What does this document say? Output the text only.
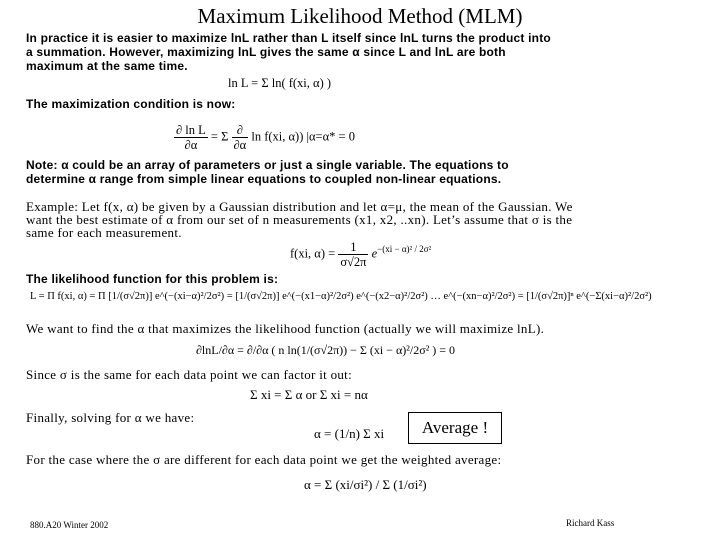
Maximum Likelihood Method (MLM)
In practice it is easier to maximize lnL rather than L itself since lnL turns the product into
a summation. However, maximizing lnL gives the same α since L and lnL are both
maximum at the same time.
ln L = Σ ln( f(xi, α) )
The maximization condition is now:
$\frac{\text{∂ ln L}}{\partial\alpha} = \Sigma \frac{\partial}{\partial\alpha}$ ln f(xi, α)) |α=α* = 0
Note: α could be an array of parameters or just a single variable. The equations to
determine α range from simple linear equations to coupled non-linear equations.
Example: Let f(x, α) be given by a Gaussian distribution and let α=μ, the mean of the Gaussian. We
want the best estimate of α from our set of n measurements (x1, x2, ..xn). Let’s assume that σ is the
same for each measurement.
f(xi, $\alpha) = \frac{1}{\sigma√2\pi} e^{-(xi - \alpha)^2 / 2\sigma^2}$
The likelihood function for this problem is:
L = Π f(xi, α) = Π [1/(σ√2π)] e^(−(xi−α)²/2σ²) = [1/(σ√2π)] e^(−(x1−α)²/2σ²) e^(−(x2−α)²/2σ²) … e^(−(xn−α)²/2σ²) = [1/(σ√2π)]ⁿ e^(−Σ(xi−α)²/2σ²)
We want to find the α that maximizes the likelihood function (actually we will maximize lnL).
∂lnL/∂α = ∂/∂α ( n ln(1/(σ√2π)) − Σ (xi − α)²/2σ² ) = 0
Since σ is the same for each data point we can factor it out:
Σ xi = Σ α or Σ xi = nα
Finally, solving for α we have:
α = (1/n) Σ xi	Average !
For the case where the σ are different for each data point we get the weighted average:
α = Σ (xi/σi²) / Σ (1/σi²)
880.A20 Winter 2002	Richard Kass
